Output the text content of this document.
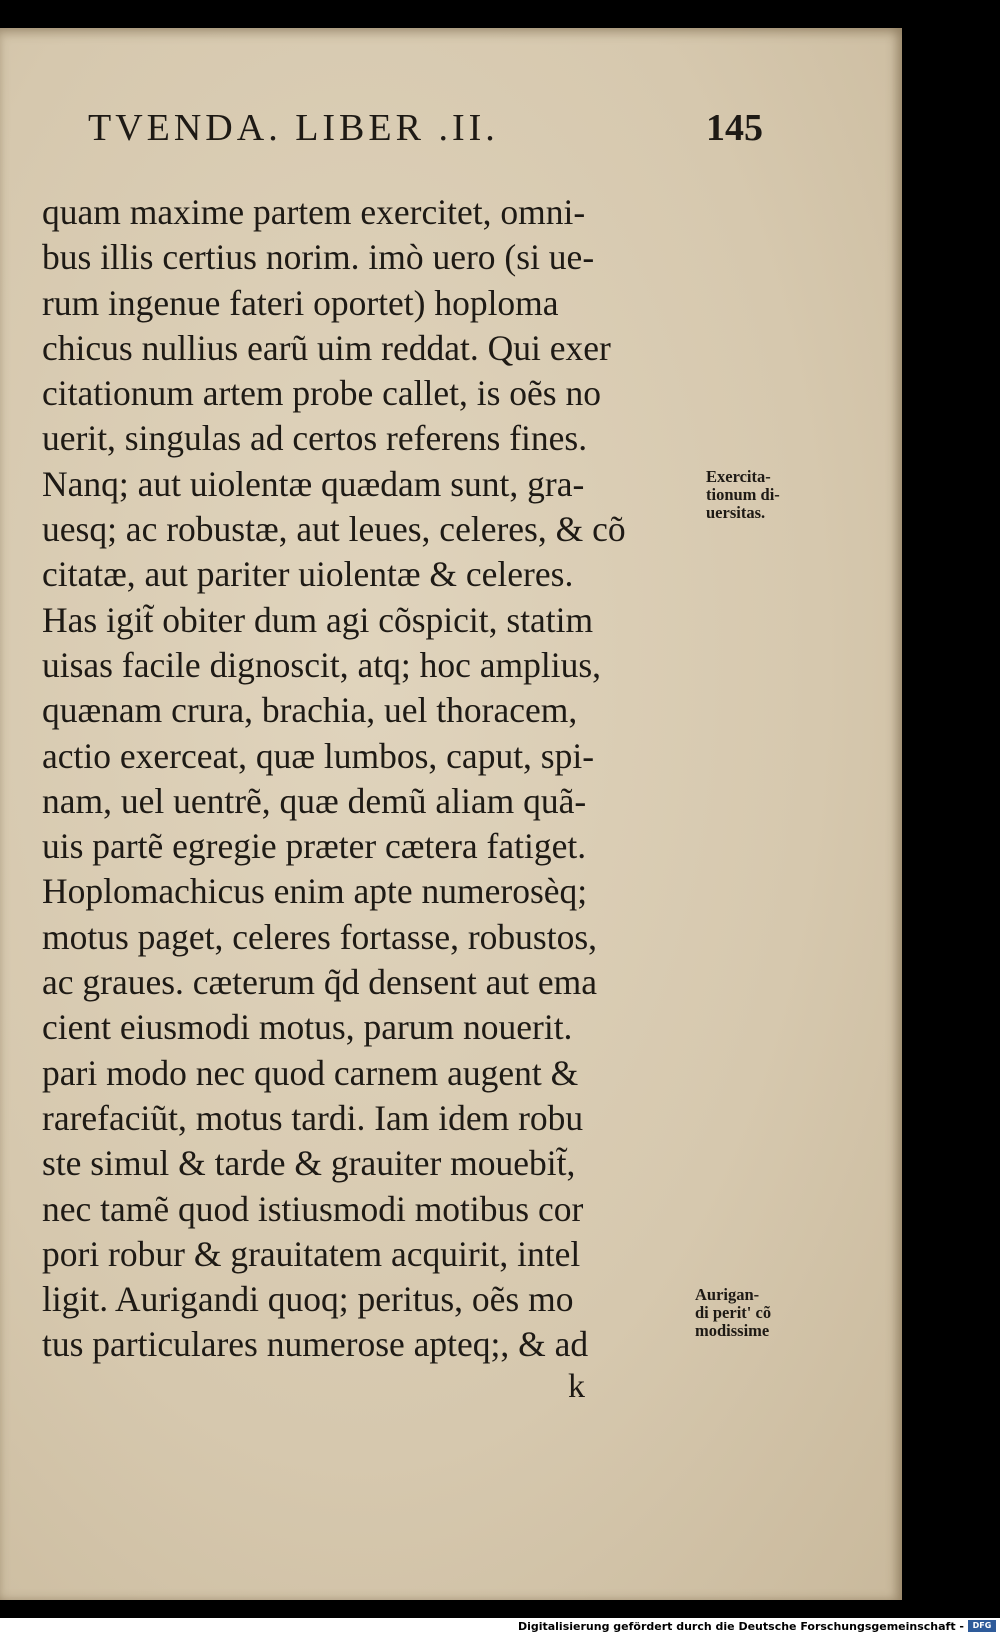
TVENDA. LIBER .II.	145
quam maxime partem exercitet, omni-
bus illis certius norim. imò uero (si ue-
rum ingenue fateri oportet) hoploma
chicus nullius earũ uim reddat. Qui exer
citationum artem probe callet, is oẽs no
uerit, singulas ad certos referens fines.
Nanq; aut uiolentæ quædam sunt, gra-
uesq; ac robustæ, aut leues, celeres, & cõ
citatæ, aut pariter uiolentæ & celeres.
Has igit̃ obiter dum agi cõspicit, statim
uisas facile dignoscit, atq; hoc amplius,
quænam crura, brachia, uel thoracem,
actio exerceat, quæ lumbos, caput, spi-
nam, uel uentrẽ, quæ demũ aliam quã-
uis partẽ egregie præter cætera fatiget.
Hoplomachicus enim apte numerosèq;
motus paget, celeres fortasse, robustos,
ac graues. cæterum q̃d densent aut ema
cient eiusmodi motus, parum nouerit.
pari modo nec quod carnem augent &
rarefaciũt, motus tardi. Iam idem robu
ste simul & tarde & grauiter mouebit̃,
nec tamẽ quod istiusmodi motibus cor
pori robur & grauitatem acquirit, intel
ligit. Aurigandi quoq; peritus, oẽs mo
tus particulares numerose apteq;, & ad
Exercita-
tionum di-
uersitas.
Aurigan-
di perit' cõ
modissime
k
Digitalisierung gefördert durch die Deutsche Forschungsgemeinschaft -	DFG
